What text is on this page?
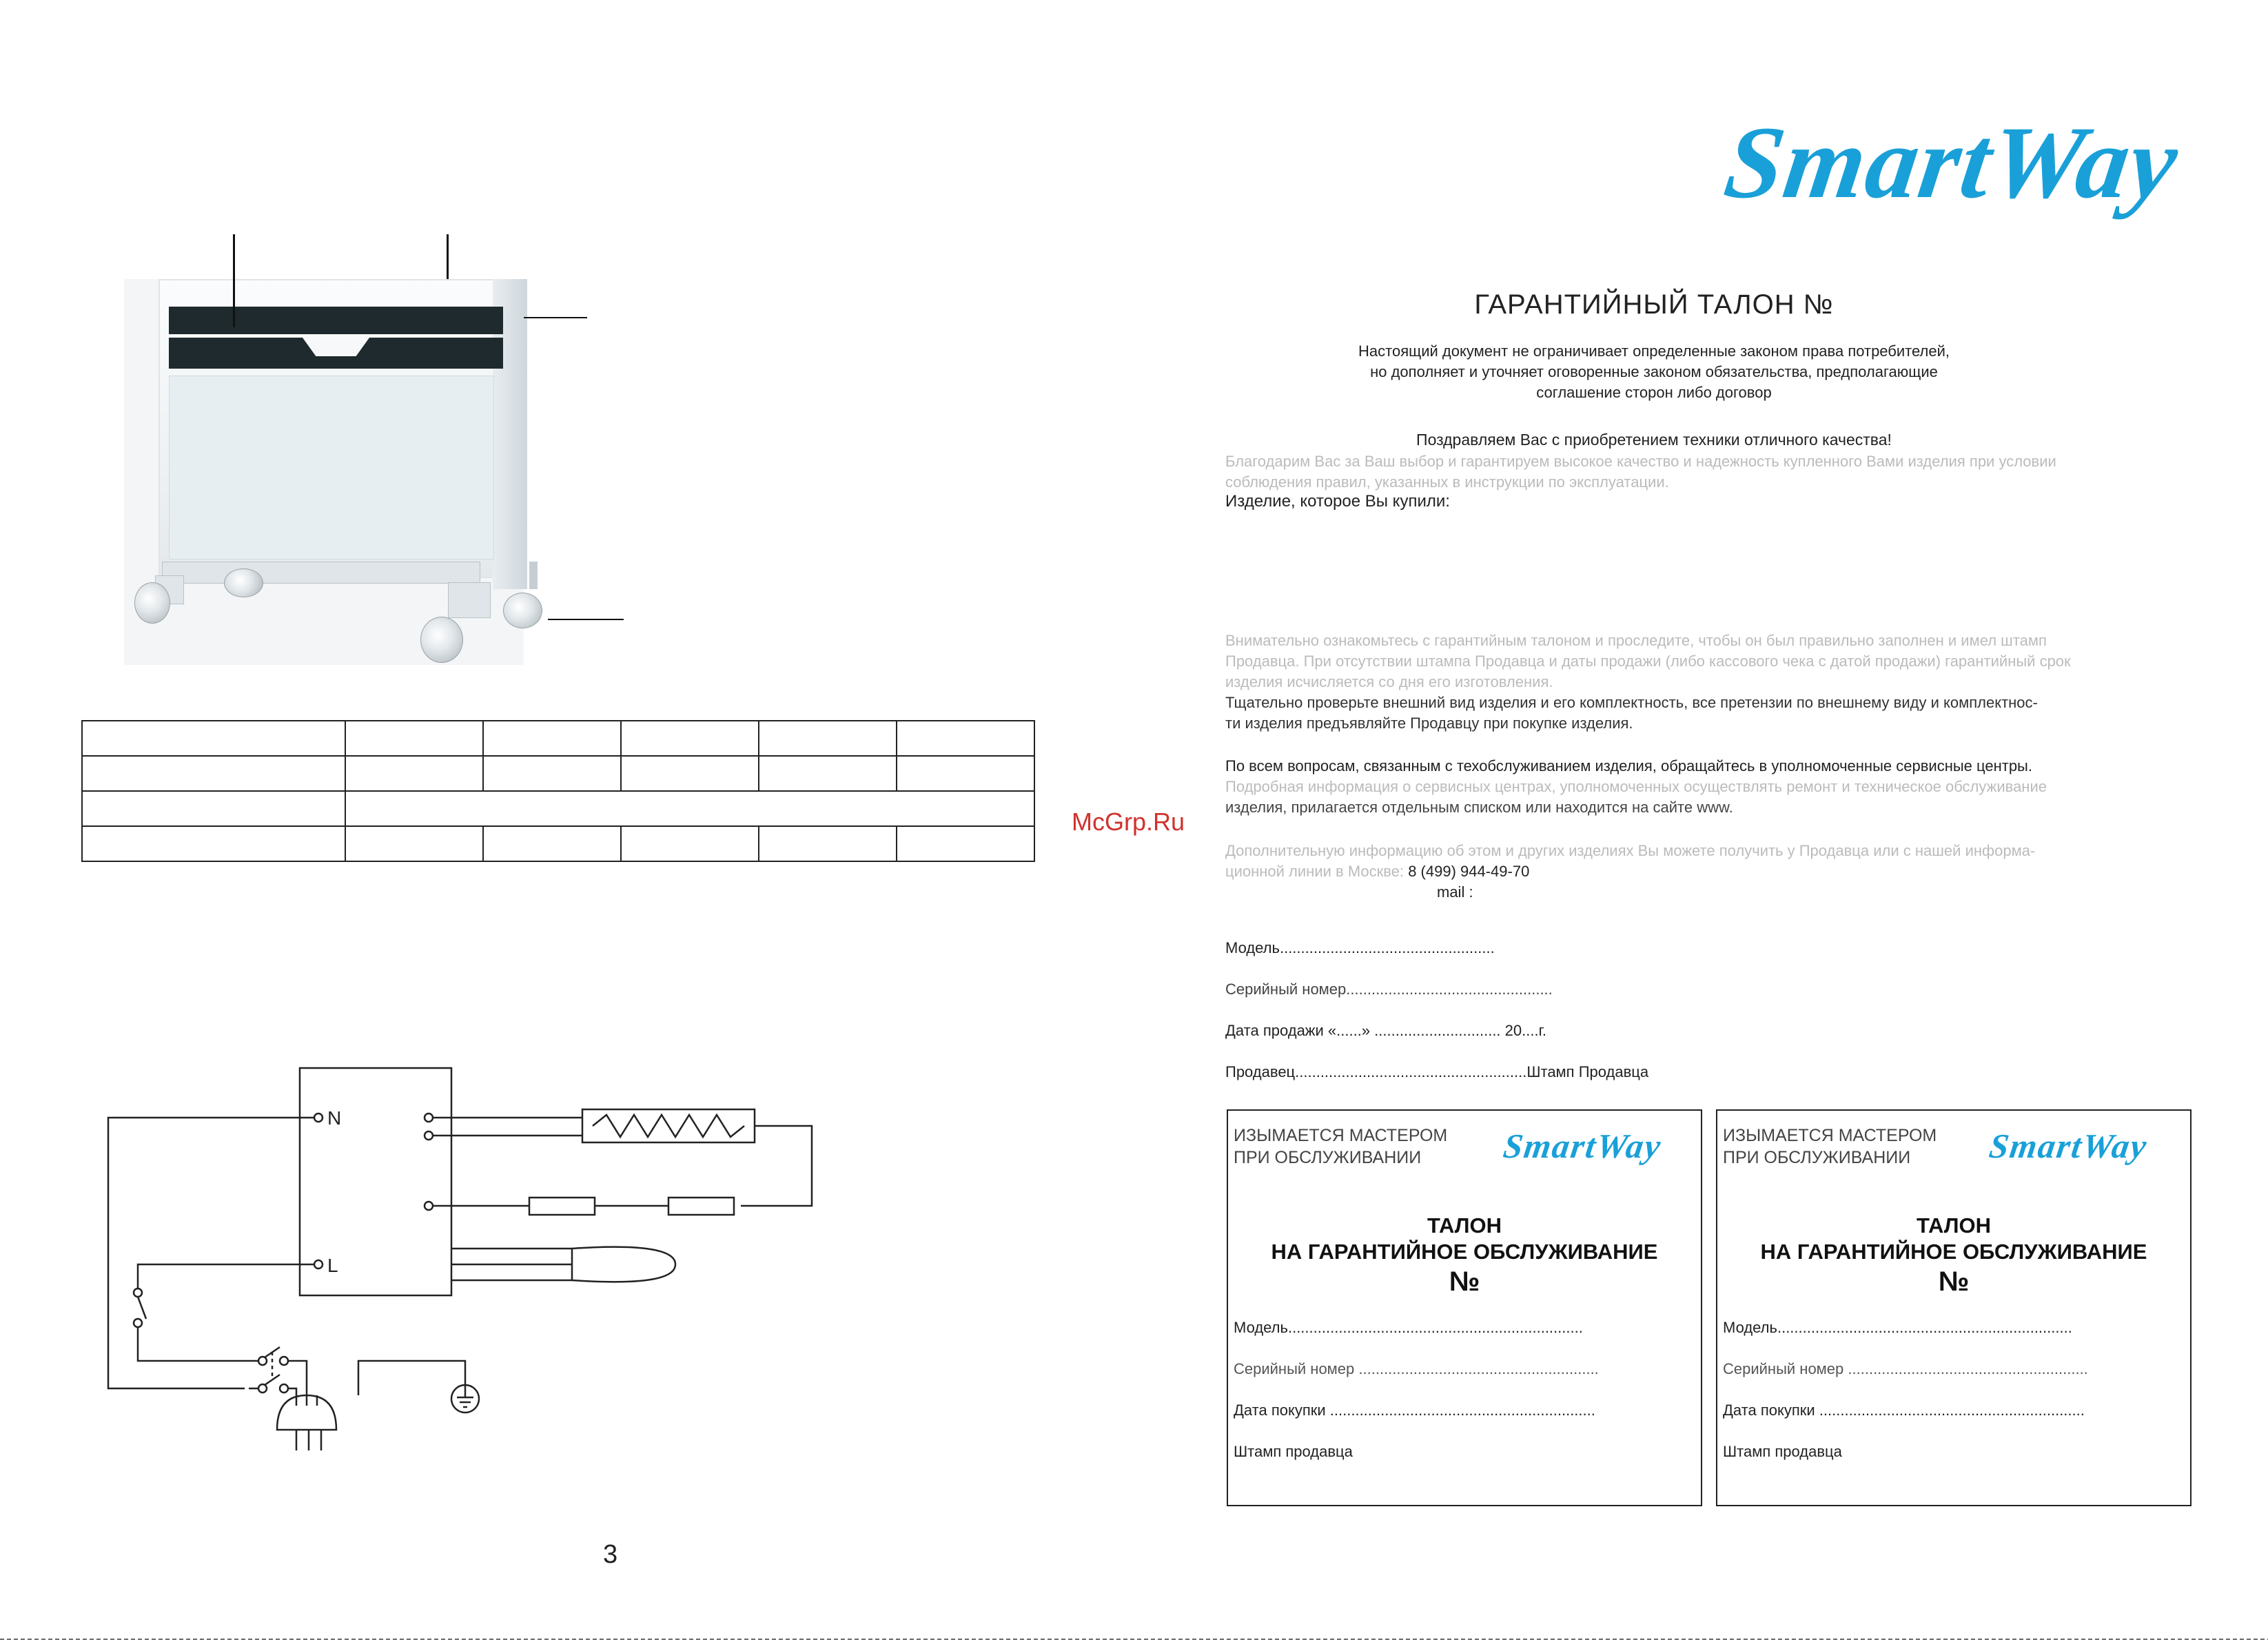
N
L
3
SmartWay
ГАРАНТИЙНЫЙ ТАЛОН №
Настоящий документ не ограничивает определенные законом права потребителей,
но дополняет и уточняет оговоренные законом обязательства, предполагающие
соглашение сторон либо договор
Поздравляем Вас с приобретением техники отличного качества!
Благодарим Вас за Ваш выбор и гарантируем высокое качество и надежность купленного Вами изделия при условии
соблюдения правил, указанных в инструкции по эксплуатации.
Изделие, которое Вы купили:
Внимательно ознакомьтесь с гарантийным талоном и проследите, чтобы он был правильно заполнен и имел штамп
Продавца. При отсутствии штампа Продавца и даты продажи (либо кассового чека с датой продажи) гарантийный срок
изделия исчисляется со дня его изготовления.
Тщательно проверьте внешний вид изделия и его комплектность, все претензии по внешнему виду и комплектнос-
ти изделия предъявляйте Продавцу при покупке изделия.
По всем вопросам, связанным с техобслуживанием изделия, обращайтесь в уполномоченные сервисные центры.
Подробная информация о сервисных центрах, уполномоченных осуществлять ремонт и техническое обслуживание
изделия, прилагается отдельным списком или находится на сайте www.
Дополнительную информацию об этом и других изделиях Вы можете получить у Продавца или с нашей информа-
ционной линии в Москве: 8 (499) 944-49-70
mail :
Модель...................................................
Серийный номер.................................................
Дата продажи «......» .............................. 20....г.
Продавец.......................................................Штамп Продавца
McGrp.Ru
ИЗЫМАЕТСЯ МАСТЕРОМ
ПРИ ОБСЛУЖИВАНИИ	SmartWay
ТАЛОН
НА ГАРАНТИЙНОЕ ОБСЛУЖИВАНИЕ
№
Модель......................................................................
Серийный номер .........................................................
Дата покупки ...............................................................
Штамп продавца
ИЗЫМАЕТСЯ МАСТЕРОМ
ПРИ ОБСЛУЖИВАНИИ	SmartWay
ТАЛОН
НА ГАРАНТИЙНОЕ ОБСЛУЖИВАНИЕ
№
Модель......................................................................
Серийный номер .........................................................
Дата покупки ...............................................................
Штамп продавца
